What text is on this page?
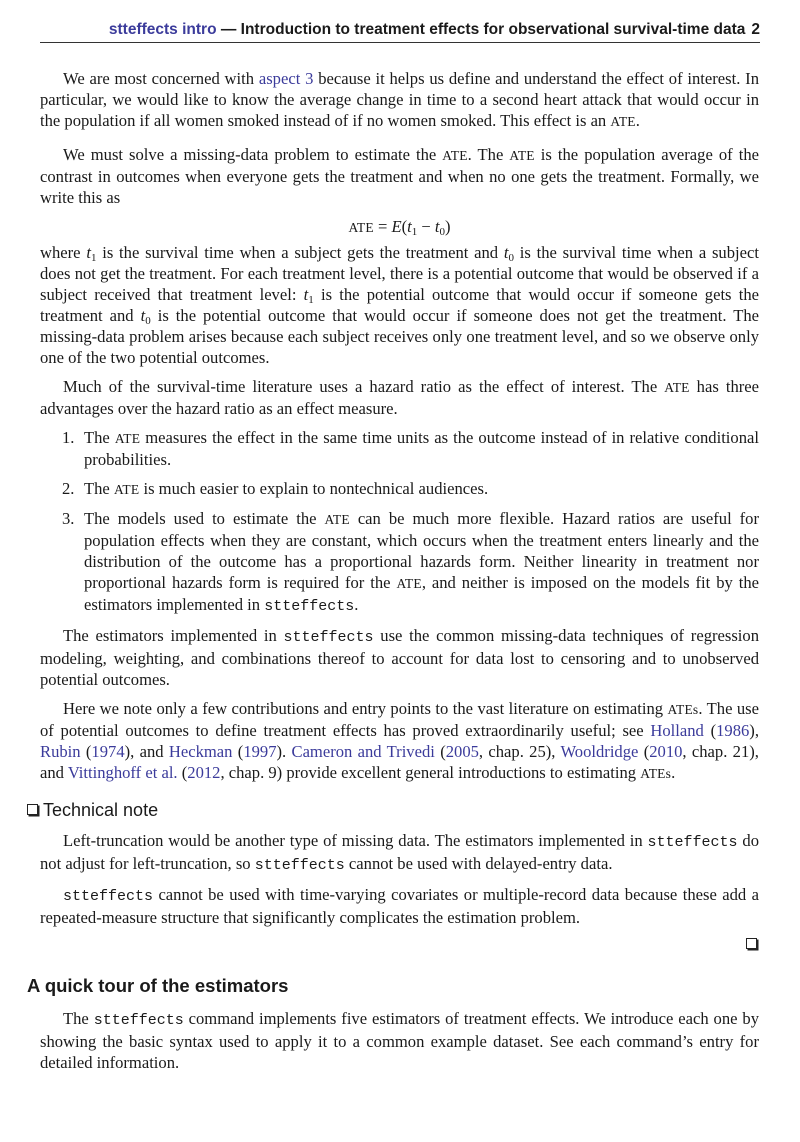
stteffects intro — Introduction to treatment effects for observational survival-time data 2

We are most concerned with aspect 3 because it helps us define and understand the effect of interest. In particular, we would like to know the average change in time to a second heart attack that would occur in the population if all women smoked instead of if no women smoked. This effect is an ATE.

We must solve a missing-data problem to estimate the ATE. The ATE is the population average of the contrast in outcomes when everyone gets the treatment and when no one gets the treatment. Formally, we write this as

ATE = $E(t_1 - t_0)$

where $t_1$ is the survival time when a subject gets the treatment and $t_0$ is the survival time when a subject does not get the treatment. For each treatment level, there is a potential outcome that would be observed if a subject received that treatment level: $t_1$ is the potential outcome that would occur if someone gets the treatment and $t_0$ is the potential outcome that would occur if someone does not get the treatment. The missing-data problem arises because each subject receives only one treatment level, and so we observe only one of the two potential outcomes.

Much of the survival-time literature uses a hazard ratio as the effect of interest. The ATE has three advantages over the hazard ratio as an effect measure.

1. The ATE measures the effect in the same time units as the outcome instead of in relative conditional probabilities.
2. The ATE is much easier to explain to nontechnical audiences.
3. The models used to estimate the ATE can be much more flexible. Hazard ratios are useful for population effects when they are constant, which occurs when the treatment enters linearly and the distribution of the outcome has a proportional hazards form. Neither linearity in treatment nor proportional hazards form is required for the ATE, and neither is imposed on the models fit by the estimators implemented in stteffects.

The estimators implemented in stteffects use the common missing-data techniques of regression modeling, weighting, and combinations thereof to account for data lost to censoring and to unobserved potential outcomes.

Here we note only a few contributions and entry points to the vast literature on estimating ATEs. The use of potential outcomes to define treatment effects has proved extraordinarily useful; see Holland (1986), Rubin (1974), and Heckman (1997). Cameron and Trivedi (2005, chap. 25), Wooldridge (2010, chap. 21), and Vittinghoff et al. (2012, chap. 9) provide excellent general introductions to estimating ATEs.

Technical note

Left-truncation would be another type of missing data. The estimators implemented in stteffects do not adjust for left-truncation, so stteffects cannot be used with delayed-entry data.

stteffects cannot be used with time-varying covariates or multiple-record data because these add a repeated-measure structure that significantly complicates the estimation problem.

A quick tour of the estimators

The stteffects command implements five estimators of treatment effects. We introduce each one by showing the basic syntax used to apply it to a common example dataset. See each command’s entry for detailed information.
